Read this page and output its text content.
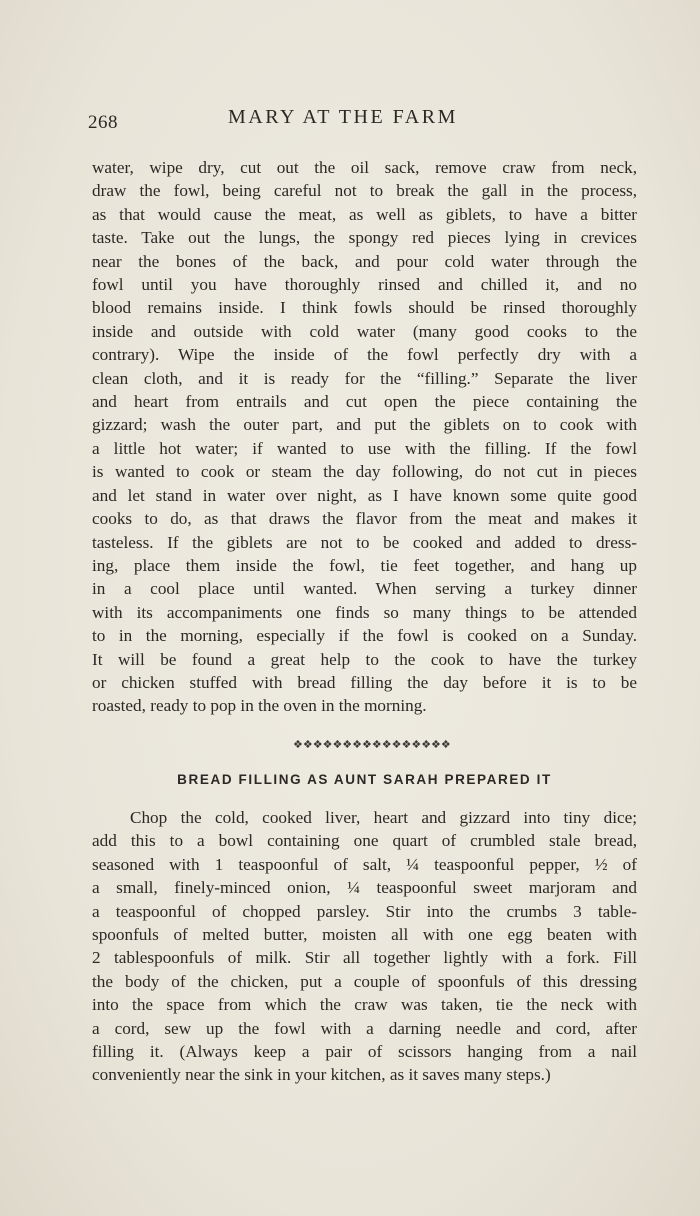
268	MARY AT THE FARM

water, wipe dry, cut out the oil sack, remove craw from neck,
draw the fowl, being careful not to break the gall in the process,
as that would cause the meat, as well as giblets, to have a bitter
taste. Take out the lungs, the spongy red pieces lying in crevices
near the bones of the back, and pour cold water through the
fowl until you have thoroughly rinsed and chilled it, and no
blood remains inside. I think fowls should be rinsed thoroughly
inside and outside with cold water (many good cooks to the
contrary). Wipe the inside of the fowl perfectly dry with a
clean cloth, and it is ready for the “filling.” Separate the liver
and heart from entrails and cut open the piece containing the
gizzard; wash the outer part, and put the giblets on to cook with
a little hot water; if wanted to use with the filling. If the fowl
is wanted to cook or steam the day following, do not cut in pieces
and let stand in water over night, as I have known some quite good
cooks to do, as that draws the flavor from the meat and makes it
tasteless. If the giblets are not to be cooked and added to dress-
ing, place them inside the fowl, tie feet together, and hang up
in a cool place until wanted. When serving a turkey dinner
with its accompaniments one finds so many things to be attended
to in the morning, especially if the fowl is cooked on a Sunday.
It will be found a great help to the cook to have the turkey
or chicken stuffed with bread filling the day before it is to be
roasted, ready to pop in the oven in the morning.

❖❖❖❖❖❖❖❖❖❖❖❖❖❖❖❖
BREAD FILLING AS AUNT SARAH PREPARED IT

Chop the cold, cooked liver, heart and gizzard into tiny dice;
add this to a bowl containing one quart of crumbled stale bread,
seasoned with 1 teaspoonful of salt, ¼ teaspoonful pepper, ½ of
a small, finely-minced onion, ¼ teaspoonful sweet marjoram and
a teaspoonful of chopped parsley. Stir into the crumbs 3 table-
spoonfuls of melted butter, moisten all with one egg beaten with
2 tablespoonfuls of milk. Stir all together lightly with a fork. Fill
the body of the chicken, put a couple of spoonfuls of this dressing
into the space from which the craw was taken, tie the neck with
a cord, sew up the fowl with a darning needle and cord, after
filling it. (Always keep a pair of scissors hanging from a nail
conveniently near the sink in your kitchen, as it saves many steps.)
